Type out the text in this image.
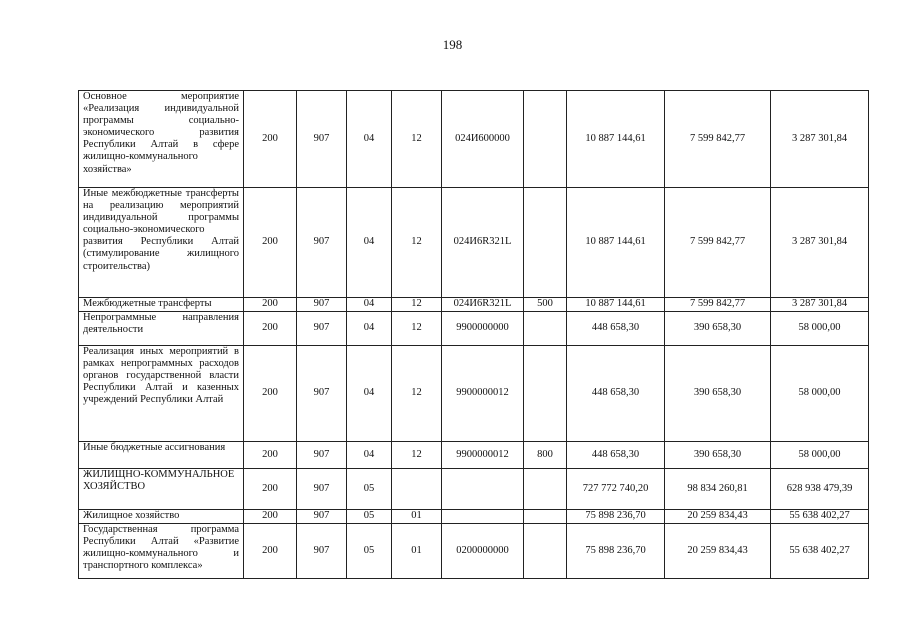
198
Основное мероприятие «Реализация индивидуальной программы социально-экономического развития Республики Алтай в сфере жилищно-коммунального хозяйства»	200	907	04	12	024И600000		10 887 144,61	7 599 842,77	3 287 301,84
Иные межбюджетные трансферты на реализацию мероприятий индивидуальной программы социально-экономического развития Республики Алтай (стимулирование жилищного строительства)	200	907	04	12	024И6R321L		10 887 144,61	7 599 842,77	3 287 301,84
Межбюджетные трансферты	200	907	04	12	024И6R321L	500	10 887 144,61	7 599 842,77	3 287 301,84
Непрограммные направления деятельности	200	907	04	12	9900000000		448 658,30	390 658,30	58 000,00
Реализация иных мероприятий в рамках непрограммных расходов органов государственной власти Республики Алтай и казенных учреждений Республики Алтай	200	907	04	12	9900000012		448 658,30	390 658,30	58 000,00
Иные бюджетные ассигнования	200	907	04	12	9900000012	800	448 658,30	390 658,30	58 000,00
ЖИЛИЩНО-КОММУНАЛЬНОЕ ХОЗЯЙСТВО	200	907	05				727 772 740,20	98 834 260,81	628 938 479,39
Жилищное хозяйство	200	907	05	01			75 898 236,70	20 259 834,43	55 638 402,27
Государственная программа Республики Алтай «Развитие жилищно-коммунального и транспортного комплекса»	200	907	05	01	0200000000		75 898 236,70	20 259 834,43	55 638 402,27
